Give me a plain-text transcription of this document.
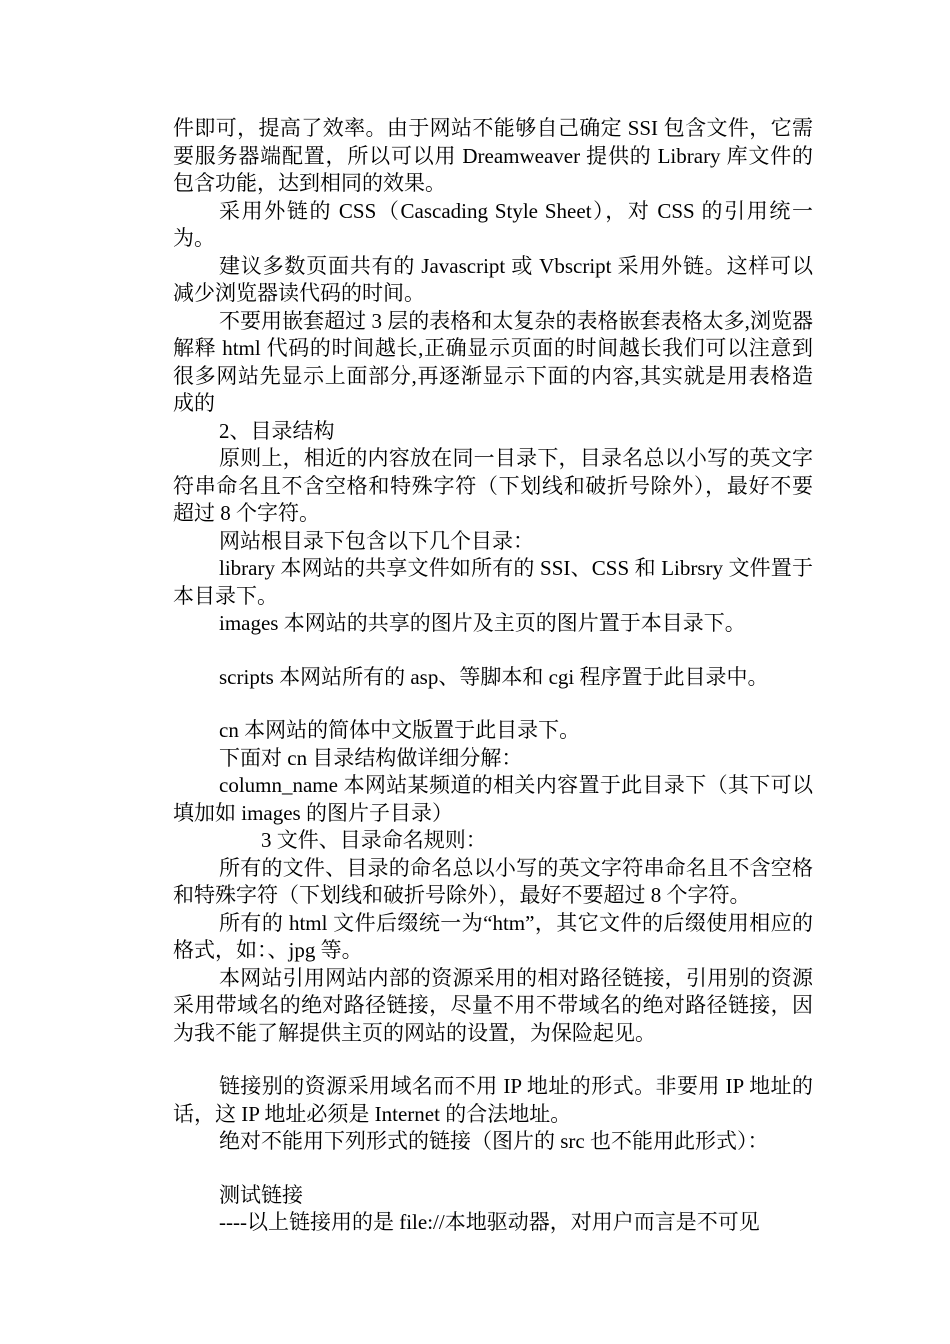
件即可，提高了效率。由于网站不能够自己确定 SSI 包含文件，它需要服务器端配置，所以可以用 Dreamweaver 提供的 Library 库文件的包含功能，达到相同的效果。

采用外链的 CSS（Cascading Style Sheet），对 CSS 的引用统一为。

建议多数页面共有的 Javascript 或 Vbscript 采用外链。这样可以减少浏览器读代码的时间。

不要用嵌套超过 3 层的表格和太复杂的表格嵌套表格太多,浏览器解释 html 代码的时间越长,正确显示页面的时间越长我们可以注意到很多网站先显示上面部分,再逐渐显示下面的内容,其实就是用表格造成的

2、目录结构

原则上，相近的内容放在同一目录下，目录名总以小写的英文字符串命名且不含空格和特殊字符（下划线和破折号除外），最好不要超过 8 个字符。

网站根目录下包含以下几个目录：

library 本网站的共享文件如所有的 SSI、CSS 和 Librsry 文件置于本目录下。

images 本网站的共享的图片及主页的图片置于本目录下。

scripts 本网站所有的 asp、等脚本和 cgi 程序置于此目录中。

cn 本网站的简体中文版置于此目录下。

下面对 cn 目录结构做详细分解：

column_name 本网站某频道的相关内容置于此目录下（其下可以填加如 images 的图片子目录）

3 文件、目录命名规则：

所有的文件、目录的命名总以小写的英文字符串命名且不含空格和特殊字符（下划线和破折号除外），最好不要超过 8 个字符。

所有的 html 文件后缀统一为“htm”，其它文件的后缀使用相应的格式，如：、jpg 等。

本网站引用网站内部的资源采用的相对路径链接，引用别的资源采用带域名的绝对路径链接，尽量不用不带域名的绝对路径链接，因为我不能了解提供主页的网站的设置，为保险起见。

链接别的资源采用域名而不用 IP 地址的形式。非要用 IP 地址的话，这 IP 地址必须是 Internet 的合法地址。

绝对不能用下列形式的链接（图片的 src 也不能用此形式）：

测试链接

----以上链接用的是 file://本地驱动器，对用户而言是不可见
